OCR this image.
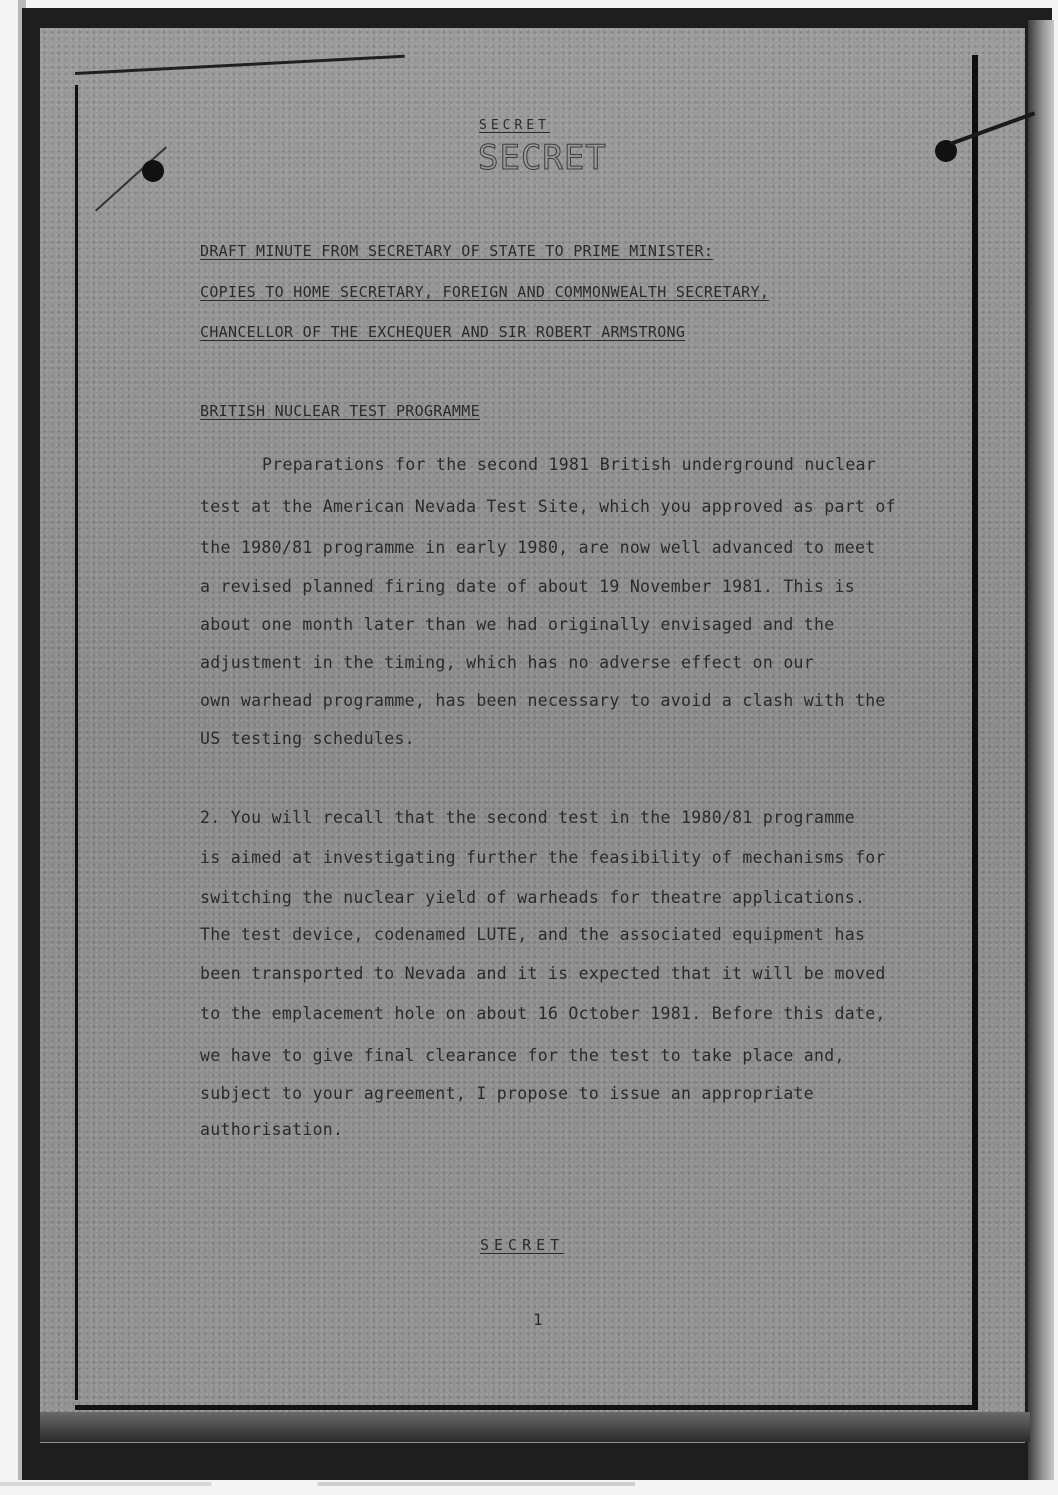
SECRET
SECRET
DRAFT MINUTE FROM SECRETARY OF STATE TO PRIME MINISTER:
COPIES TO HOME SECRETARY, FOREIGN AND COMMONWEALTH SECRETARY,
CHANCELLOR OF THE EXCHEQUER AND SIR ROBERT ARMSTRONG
BRITISH NUCLEAR TEST PROGRAMME
Preparations for the second 1981 British underground nuclear
test at the American Nevada Test Site, which you approved as part of
the 1980/81 programme in early 1980, are now well advanced to meet
a revised planned firing date of about 19 November 1981. This is
about one month later than we had originally envisaged and the
adjustment in the timing, which has no adverse effect on our
own warhead programme, has been necessary to avoid a clash with the
US testing schedules.
2. You will recall that the second test in the 1980/81 programme
is aimed at investigating further the feasibility of mechanisms for
switching the nuclear yield of warheads for theatre applications.
The test device, codenamed LUTE, and the associated equipment has
been transported to Nevada and it is expected that it will be moved
to the emplacement hole on about 16 October 1981. Before this date,
we have to give final clearance for the test to take place and,
subject to your agreement, I propose to issue an appropriate
authorisation.
SECRET
1
